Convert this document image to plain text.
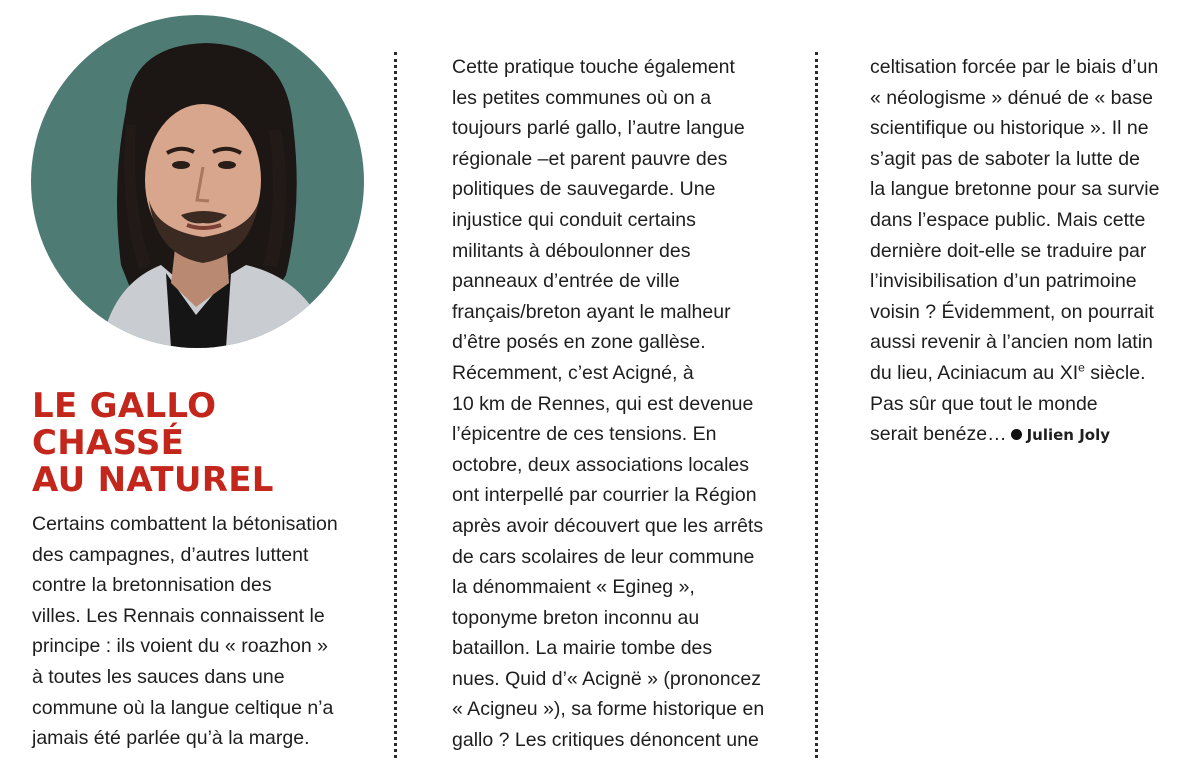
LE GALLO
CHASSÉ
AU NATUREL
Certains combattent la bétonisation
des campagnes, d’autres luttent
contre la bretonnisation des
villes. Les Rennais connaissent le
principe : ils voient du « roazhon »
à toutes les sauces dans une
commune où la langue celtique n’a
jamais été parlée qu’à la marge.
Cette pratique touche également
les petites communes où on a
toujours parlé gallo, l’autre langue
régionale –et parent pauvre des
politiques de sauvegarde. Une
injustice qui conduit certains
militants à déboulonner des
panneaux d’entrée de ville
français/breton ayant le malheur
d’être posés en zone gallèse.
Récemment, c’est Acigné, à
10 km de Rennes, qui est devenue
l’épicentre de ces tensions. En
octobre, deux associations locales
ont interpellé par courrier la Région
après avoir découvert que les arrêts
de cars scolaires de leur commune
la dénommaient « Egineg »,
toponyme breton inconnu au
bataillon. La mairie tombe des
nues. Quid d’« Acignë » (prononcez
« Acigneu »), sa forme historique en
gallo ? Les critiques dénoncent une
celtisation forcée par le biais d’un
« néologisme » dénué de « base
scientifique ou historique ». Il ne
s’agit pas de saboter la lutte de
la langue bretonne pour sa survie
dans l’espace public. Mais cette
dernière doit-elle se traduire par
l’invisibilisation d’un patrimoine
voisin ? Évidemment, on pourrait
aussi revenir à l’ancien nom latin
du lieu, Aciniacum au XIe siècle.
Pas sûr que tout le monde
serait benéze… Julien Joly
